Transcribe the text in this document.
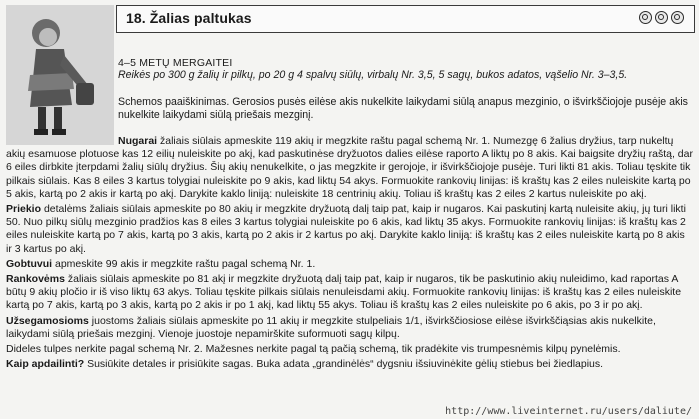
18. Žalias paltukas
4–5 METŲ MERGAITEI
Reikės po 300 g žalių ir pilkų, po 20 g 4 spalvų siūlų, virbalų Nr. 3,5, 5 sagų, bukos adatos, vąšelio Nr. 3–3,5.
Schemos paaiškinimas. Gerosios pusės eilėse akis nukelkite laikydami siūlą anapus mezginio, o išvirkščiojoje pusėje akis nukelkite laikydami siūlą priešais mezginį.

Nugarai žaliais siūlais apmeskite 119 akių ir megzkite raštu pagal schemą Nr. 1. Numezgę 6 žalius dryžius, tarp nukeltų akių esamuose plotuose kas 12 eilių nuleiskite po akį, kad paskutinėse dryžuotos dalies eilėse raporto A liktų po 8 akis. Kai baigsite dryžių raštą, dar 6 eiles dirbkite įterpdami žalių siūlų dryžius. Šių akių nenukelkite, o jas megzkite ir gerojoje, ir išvirkščiojoje pusėje. Turi likti 81 akis. Toliau tęskite tik pilkais siūlais. Kas 8 eiles 3 kartus tolygiai nuleiskite po 9 akis, kad liktų 54 akys. Formuokite rankovių linijas: iš kraštų kas 2 eiles nuleiskite kartą po 5 akis, kartą po 2 akis ir kartą po akį. Darykite kaklo liniją: nuleiskite 18 centrinių akių. Toliau iš kraštų kas 2 eiles 2 kartus nuleiskite po akį.

Priekio detalėms žaliais siūlais apmeskite po 80 akių ir megzkite dryžuotą dalį taip pat, kaip ir nugaros. Kai paskutinį kartą nuleisite akių, jų turi likti 50. Nuo pilkų siūlų mezginio pradžios kas 8 eiles 3 kartus tolygiai nuleiskite po 6 akis, kad liktų 35 akys. Formuokite rankovių linijas: iš kraštų kas 2 eiles nuleiskite kartą po 7 akis, kartą po 3 akis, kartą po 2 akis ir 2 kartus po akį. Darykite kaklo liniją: iš kraštų kas 2 eiles nuleiskite kartą po 8 akis ir 3 kartus po akį.

Gobtuvui apmeskite 99 akis ir megzkite raštu pagal schemą Nr. 1.

Rankovėms žaliais siūlais apmeskite po 81 akį ir megzkite dryžuotą dalį taip pat, kaip ir nugaros, tik be paskutinio akių nuleidimo, kad raportas A būtų 9 akių pločio ir iš viso liktų 63 akys. Toliau tęskite pilkais siūlais nenuleisdami akių. Formuokite rankovių linijas: iš kraštų kas 2 eiles nuleiskite kartą po 7 akis, kartą po 3 akis, kartą po 2 akis ir po 1 akį, kad liktų 55 akys. Toliau iš kraštų kas 2 eiles nuleiskite po 6 akis, po 3 ir po akį.

Užsegamosioms juostoms žaliais siūlais apmeskite po 11 akių ir megzkite stulpeliais 1/1, išvirkščiosiose eilėse išvirkščiąsias akis nukelkite, laikydami siūlą priešais mezginį. Vienoje juostoje nepamirškite suformuoti sagų kilpų.

Dideles tulpes nerkite pagal schemą Nr. 2. Mažesnes nerkite pagal tą pačią schemą, tik pradėkite vis trumpesnėmis kilpų pynelėmis.

Kaip apdailinti? Susiūkite detales ir prisiūkite sagas. Bukа adata „grandinėlės“ dygsniu išsiuvinėkite gėlių stiebus bei žiedlapius.

http://www.liveinternet.ru/users/daliute/
